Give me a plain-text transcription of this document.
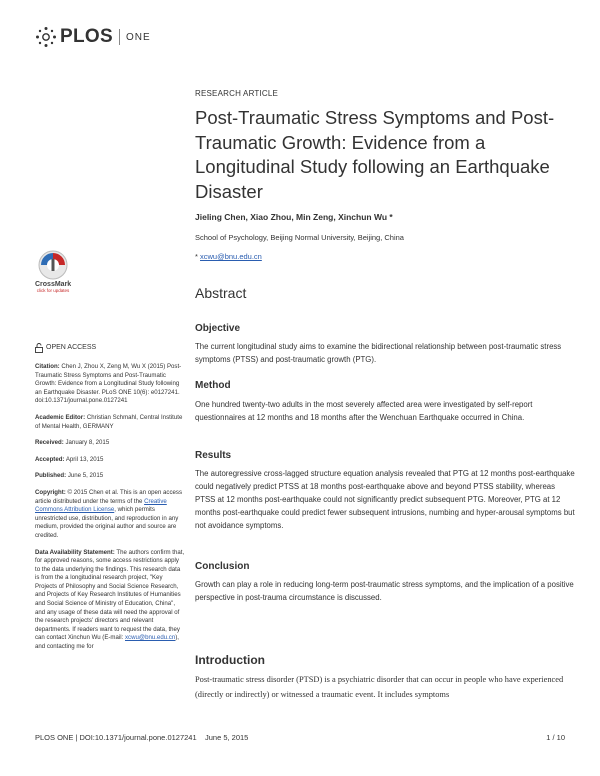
PLOS ONE
RESEARCH ARTICLE
Post-Traumatic Stress Symptoms and Post-Traumatic Growth: Evidence from a Longitudinal Study following an Earthquake Disaster
Jieling Chen, Xiao Zhou, Min Zeng, Xinchun Wu *
School of Psychology, Beijing Normal University, Beijing, China
* xcwu@bnu.edu.cn
CrossMark
click for updates
OPEN ACCESS
Citation: Chen J, Zhou X, Zeng M, Wu X (2015) Post-Traumatic Stress Symptoms and Post-Traumatic Growth: Evidence from a Longitudinal Study following an Earthquake Disaster. PLoS ONE 10(6): e0127241. doi:10.1371/journal.pone.0127241
Academic Editor: Christian Schmahl, Central Institute of Mental Health, GERMANY
Received: January 8, 2015
Accepted: April 13, 2015
Published: June 5, 2015
Copyright: © 2015 Chen et al. This is an open access article distributed under the terms of the Creative Commons Attribution License, which permits unrestricted use, distribution, and reproduction in any medium, provided the original author and source are credited.
Data Availability Statement: The authors confirm that, for approved reasons, some access restrictions apply to the data underlying the findings. This research data is from the a longitudinal research project, "Key Projects of Philosophy and Social Science Research, and Projects of Key Research Institutes of Humanities and Social Science of Ministry of Education, China", and any usage of these data will need the approval of the research projects' directors and relevant departments. If readers want to request the data, they can contact Xinchun Wu (E-mail: xcwu@bnu.edu.cn), and contacting me for
Abstract
Objective
The current longitudinal study aims to examine the bidirectional relationship between post-traumatic stress symptoms (PTSS) and post-traumatic growth (PTG).
Method
One hundred twenty-two adults in the most severely affected area were investigated by self-report questionnaires at 12 months and 18 months after the Wenchuan Earthquake occurred in China.
Results
The autoregressive cross-lagged structure equation analysis revealed that PTG at 12 months post-earthquake could negatively predict PTSS at 18 months post-earthquake above and beyond PTSS stability, whereas PTSS at 12 months post-earthquake could not significantly predict subsequent PTG. Moreover, PTG at 12 months post-earthquake could predict fewer subsequent intrusions, numbing and hyper-arousal symptoms but not avoidance symptoms.
Conclusion
Growth can play a role in reducing long-term post-traumatic stress symptoms, and the implication of a positive perspective in post-trauma circumstance is discussed.
Introduction
Post-traumatic stress disorder (PTSD) is a psychiatric disorder that can occur in people who have experienced (directly or indirectly) or witnessed a traumatic event. It includes symptoms
PLOS ONE | DOI:10.1371/journal.pone.0127241    June 5, 2015	1 / 10
